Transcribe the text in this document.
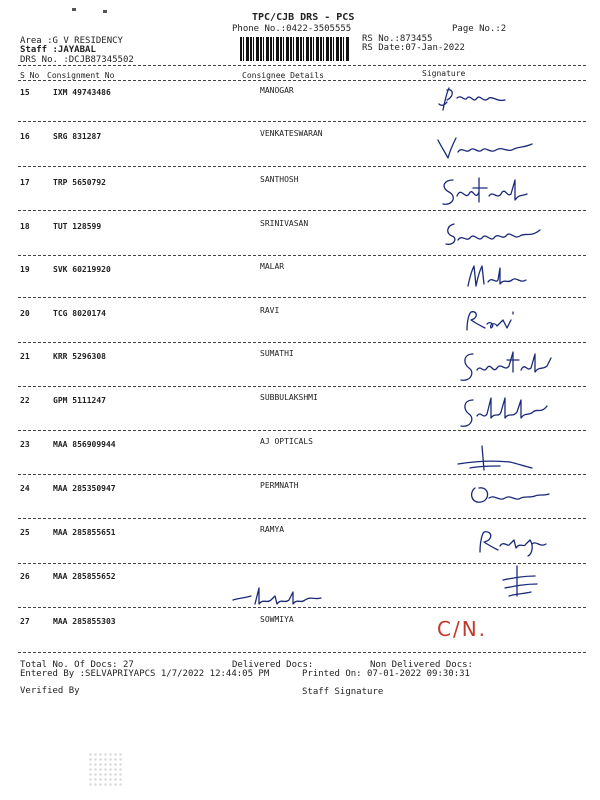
TPC/CJB DRS - PCS
Phone No.:0422-3505555	Page No.:2
Area :G V RESIDENCY
Staff :JAYABAL
DRS No. :DCJB87345502
RS No.:873455
RS Date:07-Jan-2022
S No Consignment No	Consignee Details	Signature
15	IXM 49743486	MANOGAR
16	SRG 831287	VENKATESWARAN
17	TRP 5650792	SANTHOSH
18	TUT 128599	SRINIVASAN
19	SVK 60219920	MALAR
20	TCG 8020174	RAVI
21	KRR 5296308	SUMATHI
22	GPM 5111247	SUBBULAKSHMI
23	MAA 856909944	AJ OPTICALS
24	MAA 285350947	PERMNATH
25	MAA 285855651	RAMYA
26	MAA 285855652
27	MAA 285855303	SOWMIYA	C/N.
Total No. Of Docs: 27	Delivered Docs:	Non Delivered Docs:
Entered By :SELVAPRIYAPCS 1/7/2022 12:44:05 PM	Printed On: 07-01-2022 09:30:31
Verified By	Staff Signature
